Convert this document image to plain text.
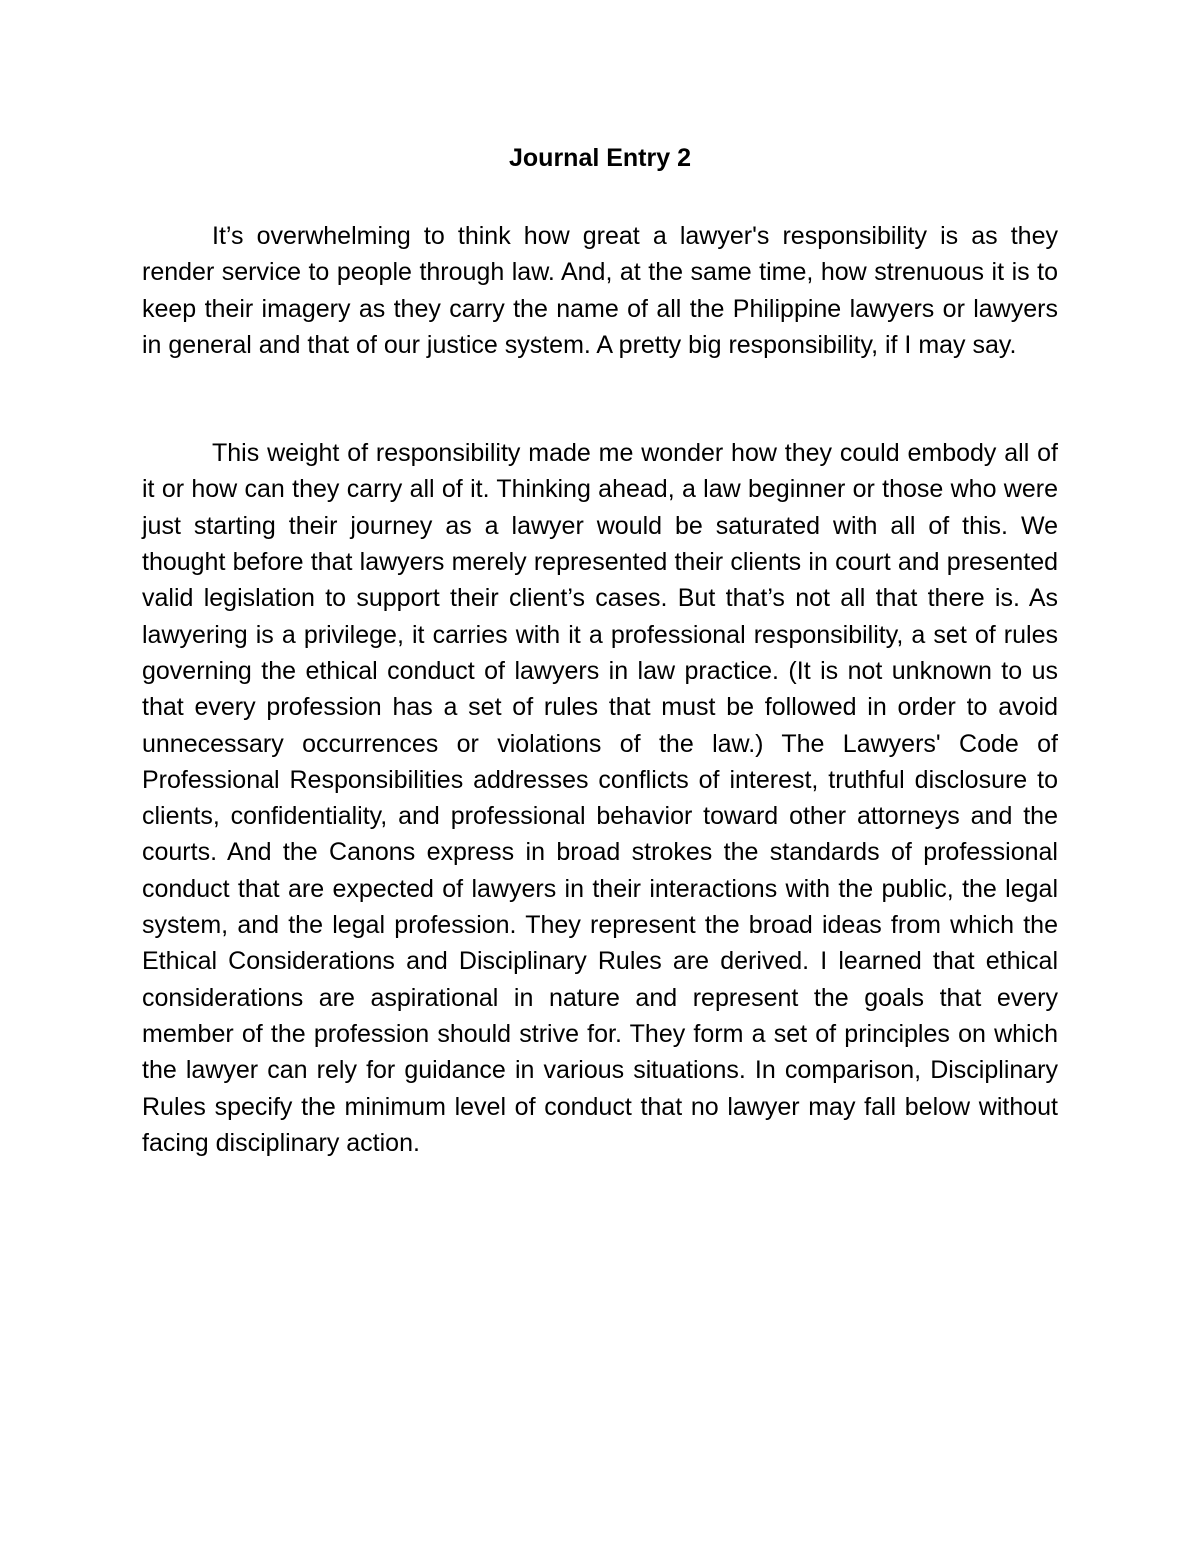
Journal Entry 2

It’s overwhelming to think how great a lawyer's responsibility is as they render service to people through law. And, at the same time, how strenuous it is to keep their imagery as they carry the name of all the Philippine lawyers or lawyers in general and that of our justice system. A pretty big responsibility, if I may say.

This weight of responsibility made me wonder how they could embody all of it or how can they carry all of it. Thinking ahead, a law beginner or those who were just starting their journey as a lawyer would be saturated with all of this. We thought before that lawyers merely represented their clients in court and presented valid legislation to support their client’s cases. But that’s not all that there is. As lawyering is a privilege, it carries with it a professional responsibility, a set of rules governing the ethical conduct of lawyers in law practice. (It is not unknown to us that every profession has a set of rules that must be followed in order to avoid unnecessary occurrences or violations of the law.) The Lawyers' Code of Professional Responsibilities addresses conflicts of interest, truthful disclosure to clients, confidentiality, and professional behavior toward other attorneys and the courts. And the Canons express in broad strokes the standards of professional conduct that are expected of lawyers in their interactions with the public, the legal system, and the legal profession. They represent the broad ideas from which the Ethical Considerations and Disciplinary Rules are derived. I learned that ethical considerations are aspirational in nature and represent the goals that every member of the profession should strive for. They form a set of principles on which the lawyer can rely for guidance in various situations. In comparison, Disciplinary Rules specify the minimum level of conduct that no lawyer may fall below without facing disciplinary action.
